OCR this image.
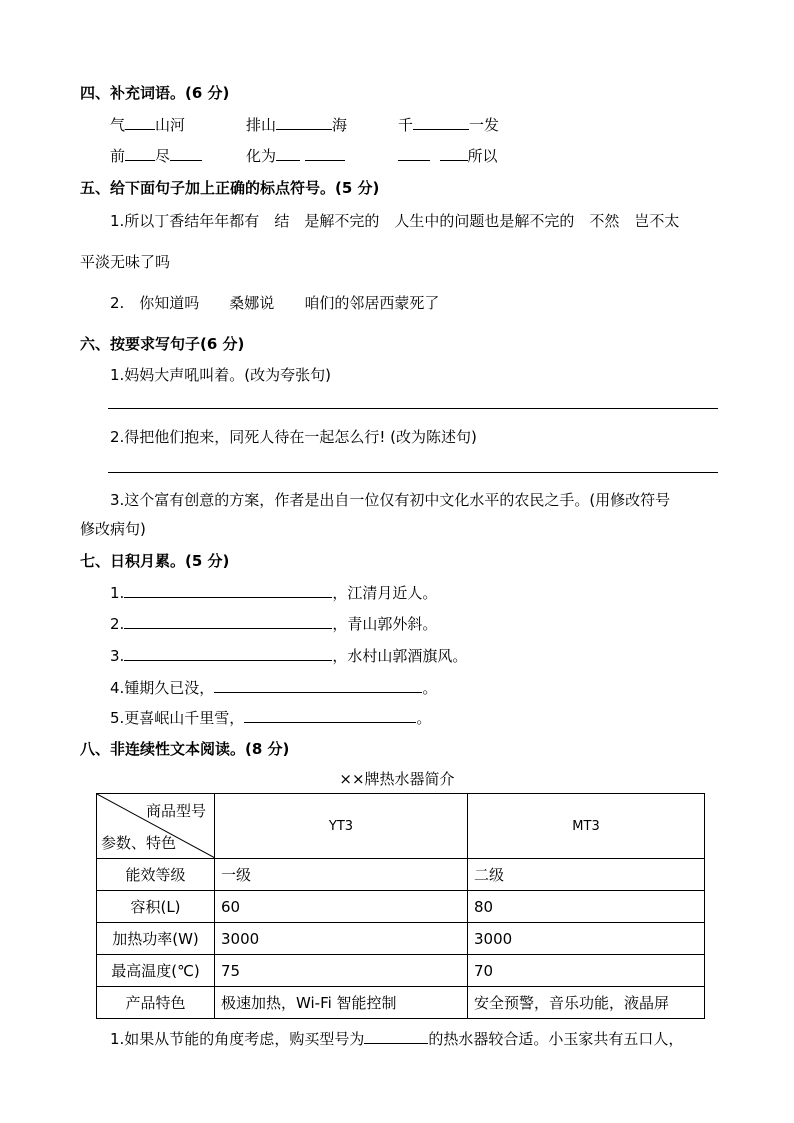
四、补充词语。(6 分)
气 山河	排山	海	千	一发
前 尽	化为	所以
五、给下面句子加上正确的标点符号。(5 分)
1.所以丁香结年年都有　结　是解不完的　人生中的问题也是解不完的　不然　岂不太
平淡无味了吗
2.　你知道吗　　桑娜说　　咱们的邻居西蒙死了
六、按要求写句子(6 分)
1.妈妈大声吼叫着。(改为夸张句)
2.得把他们抱来，同死人待在一起怎么行! (改为陈述句)
3.这个富有创意的方案，作者是出自一位仅有初中文化水平的农民之手。(用修改符号
修改病句)
七、日积月累。(5 分)
1.	，江清月近人。
2.	，青山郭外斜。
3.	，水村山郭酒旗风。
4.锺期久已没，	。
5.更喜岷山千里雪，	。
八、非连续性文本阅读。(8 分)
××牌热水器简介
商品型号
参数、特色	YT3	MT3
能效等级	一级	二级
容积(L)	60	80
加热功率(W)	3000	3000
最高温度(℃)	75	70
产品特色	极速加热，Wi-Fi 智能控制	安全预警，音乐功能，液晶屏
1.如果从节能的角度考虑，购买型号为	的热水器较合适。小玉家共有五口人，
